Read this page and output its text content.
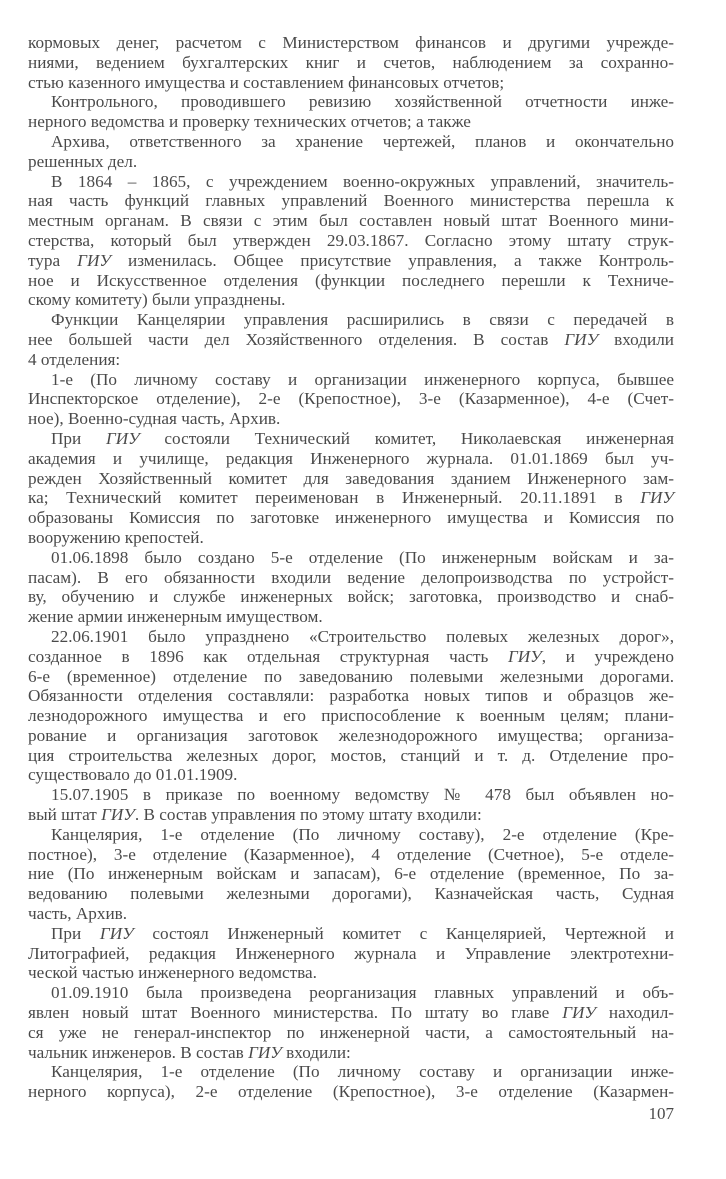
кормовых денег, расчетом с Министерством финансов и другими учрежде-
ниями, ведением бухгалтерских книг и счетов, наблюдением за сохранно-
стью казенного имущества и составлением финансовых отчетов;
Контрольного, проводившего ревизию хозяйственной отчетности инже-
нерного ведомства и проверку технических отчетов; а также
Архива, ответственного за хранение чертежей, планов и окончательно
решенных дел.
В 1864 – 1865, с учреждением военно-окружных управлений, значитель-
ная часть функций главных управлений Военного министерства перешла к
местным органам. В связи с этим был составлен новый штат Военного мини-
стерства, который был утвержден 29.03.1867. Согласно этому штату струк-
тура ГИУ изменилась. Общее присутствие управления, а также Контроль-
ное и Искусственное отделения (функции последнего перешли к Техниче-
скому комитету) были упразднены.
Функции Канцелярии управления расширились в связи с передачей в
нее большей части дел Хозяйственного отделения. В состав ГИУ входили
4 отделения:
1-е (По личному составу и организации инженерного корпуса, бывшее
Инспекторское отделение), 2-е (Крепостное), 3-е (Казарменное), 4-е (Счет-
ное), Военно-судная часть, Архив.
При ГИУ состояли Технический комитет, Николаевская инженерная
академия и училище, редакция Инженерного журнала. 01.01.1869 был уч-
режден Хозяйственный комитет для заведования зданием Инженерного зам-
ка; Технический комитет переименован в Инженерный. 20.11.1891 в ГИУ
образованы Комиссия по заготовке инженерного имущества и Комиссия по
вооружению крепостей.
01.06.1898 было создано 5-е отделение (По инженерным войскам и за-
пасам). В его обязанности входили ведение делопроизводства по устройст-
ву, обучению и службе инженерных войск; заготовка, производство и снаб-
жение армии инженерным имуществом.
22.06.1901 было упразднено «Строительство полевых железных дорог»,
созданное в 1896 как отдельная структурная часть ГИУ, и учреждено
6-е (временное) отделение по заведованию полевыми железными дорогами.
Обязанности отделения составляли: разработка новых типов и образцов же-
лезнодорожного имущества и его приспособление к военным целям; плани-
рование и организация заготовок железнодорожного имущества; организа-
ция строительства железных дорог, мостов, станций и т. д. Отделение про-
существовало до 01.01.1909.
15.07.1905 в приказе по военному ведомству № 478 был объявлен но-
вый штат ГИУ. В состав управления по этому штату входили:
Канцелярия, 1-е отделение (По личному составу), 2-е отделение (Кре-
постное), 3-е отделение (Казарменное), 4 отделение (Счетное), 5-е отделе-
ние (По инженерным войскам и запасам), 6-е отделение (временное, По за-
ведованию полевыми железными дорогами), Казначейская часть, Судная
часть, Архив.
При ГИУ состоял Инженерный комитет с Канцелярией, Чертежной и
Литографией, редакция Инженерного журнала и Управление электротехни-
ческой частью инженерного ведомства.
01.09.1910 была произведена реорганизация главных управлений и объ-
явлен новый штат Военного министерства. По штату во главе ГИУ находил-
ся уже не генерал-инспектор по инженерной части, а самостоятельный на-
чальник инженеров. В состав ГИУ входили:
Канцелярия, 1-е отделение (По личному составу и организации инже-
нерного корпуса), 2-е отделение (Крепостное), 3-е отделение (Казармен-
107
